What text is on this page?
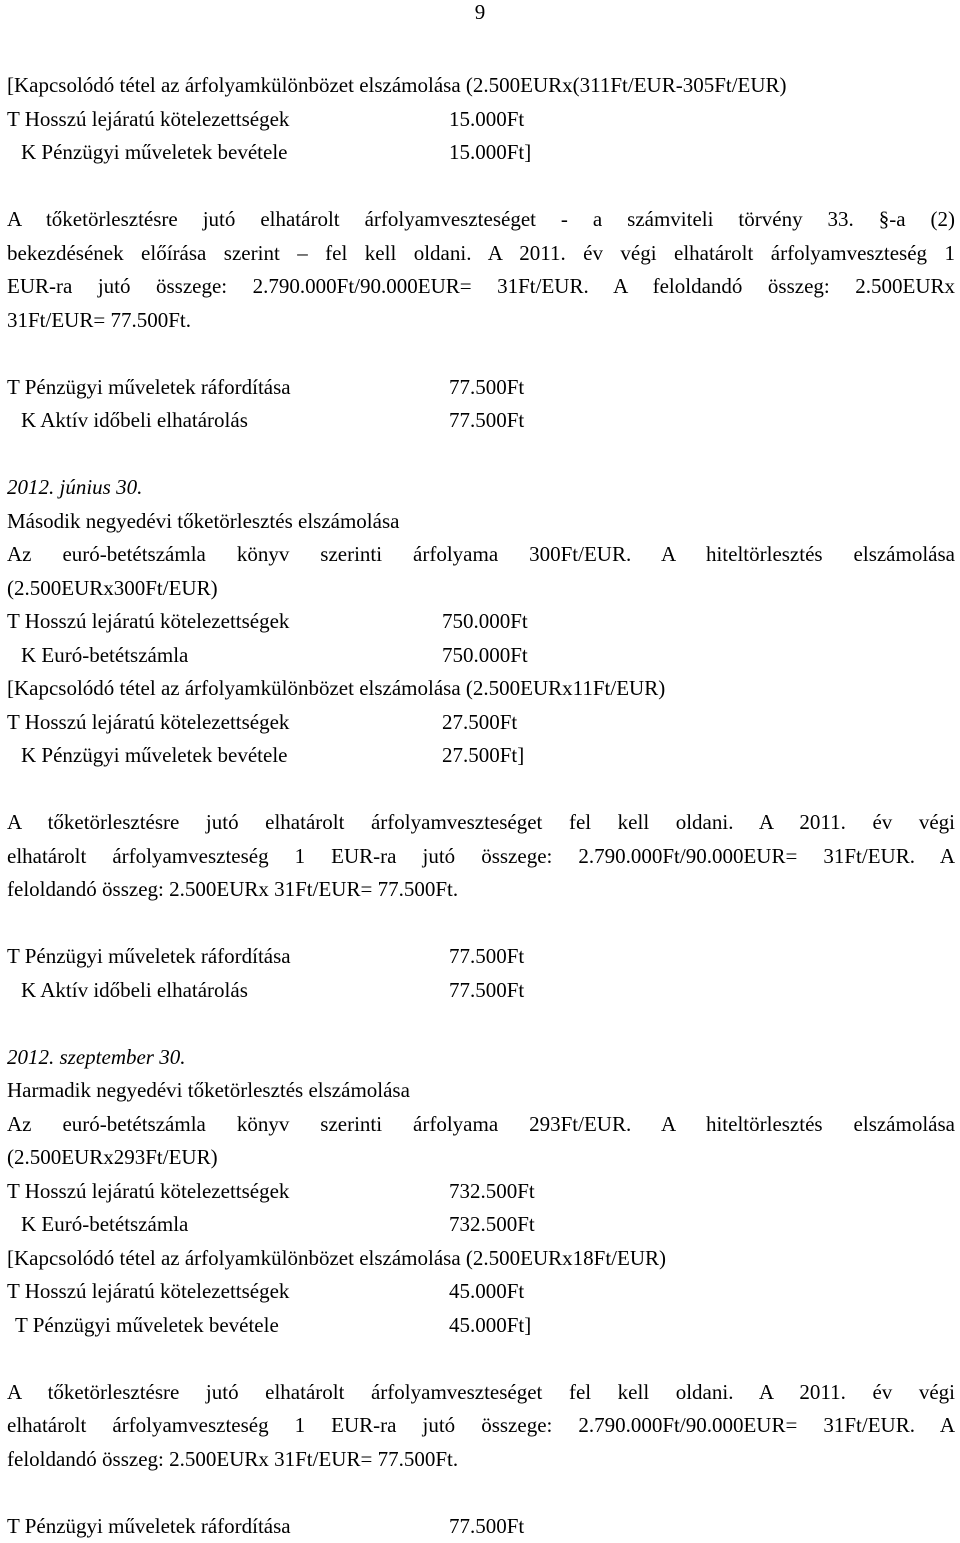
9
[Kapcsolódó tétel az árfolyamkülönbözet elszámolása (2.500EURx(311Ft/EUR-305Ft/EUR)
T Hosszú lejáratú kötelezettségek	15.000Ft
K Pénzügyi műveletek bevétele	15.000Ft]
A tőketörlesztésre jutó elhatárolt árfolyamveszteséget - a számviteli törvény 33. §-a (2)
bekezdésének előírása szerint – fel kell oldani. A 2011. év végi elhatárolt árfolyamveszteség 1
EUR-ra jutó összege: 2.790.000Ft/90.000EUR= 31Ft/EUR. A feloldandó összeg: 2.500EURx
31Ft/EUR= 77.500Ft.
T Pénzügyi műveletek ráfordítása	77.500Ft
K Aktív időbeli elhatárolás	77.500Ft
2012. június 30.
Második negyedévi tőketörlesztés elszámolása
Az euró-betétszámla könyv szerinti árfolyama 300Ft/EUR. A hiteltörlesztés elszámolása
(2.500EURx300Ft/EUR)
T Hosszú lejáratú kötelezettségek	750.000Ft
K Euró-betétszámla	750.000Ft
[Kapcsolódó tétel az árfolyamkülönbözet elszámolása (2.500EURx11Ft/EUR)
T Hosszú lejáratú kötelezettségek	27.500Ft
K Pénzügyi műveletek bevétele	27.500Ft]
A tőketörlesztésre jutó elhatárolt árfolyamveszteséget fel kell oldani. A 2011. év végi
elhatárolt árfolyamveszteség 1 EUR-ra jutó összege: 2.790.000Ft/90.000EUR= 31Ft/EUR. A
feloldandó összeg: 2.500EURx 31Ft/EUR= 77.500Ft.
T Pénzügyi műveletek ráfordítása	77.500Ft
K Aktív időbeli elhatárolás	77.500Ft
2012. szeptember 30.
Harmadik negyedévi tőketörlesztés elszámolása
Az euró-betétszámla könyv szerinti árfolyama 293Ft/EUR. A hiteltörlesztés elszámolása
(2.500EURx293Ft/EUR)
T Hosszú lejáratú kötelezettségek	732.500Ft
K Euró-betétszámla	732.500Ft
[Kapcsolódó tétel az árfolyamkülönbözet elszámolása (2.500EURx18Ft/EUR)
T Hosszú lejáratú kötelezettségek	45.000Ft
T Pénzügyi műveletek bevétele	45.000Ft]
A tőketörlesztésre jutó elhatárolt árfolyamveszteséget fel kell oldani. A 2011. év végi
elhatárolt árfolyamveszteség 1 EUR-ra jutó összege: 2.790.000Ft/90.000EUR= 31Ft/EUR. A
feloldandó összeg: 2.500EURx 31Ft/EUR= 77.500Ft.
T Pénzügyi műveletek ráfordítása	77.500Ft
